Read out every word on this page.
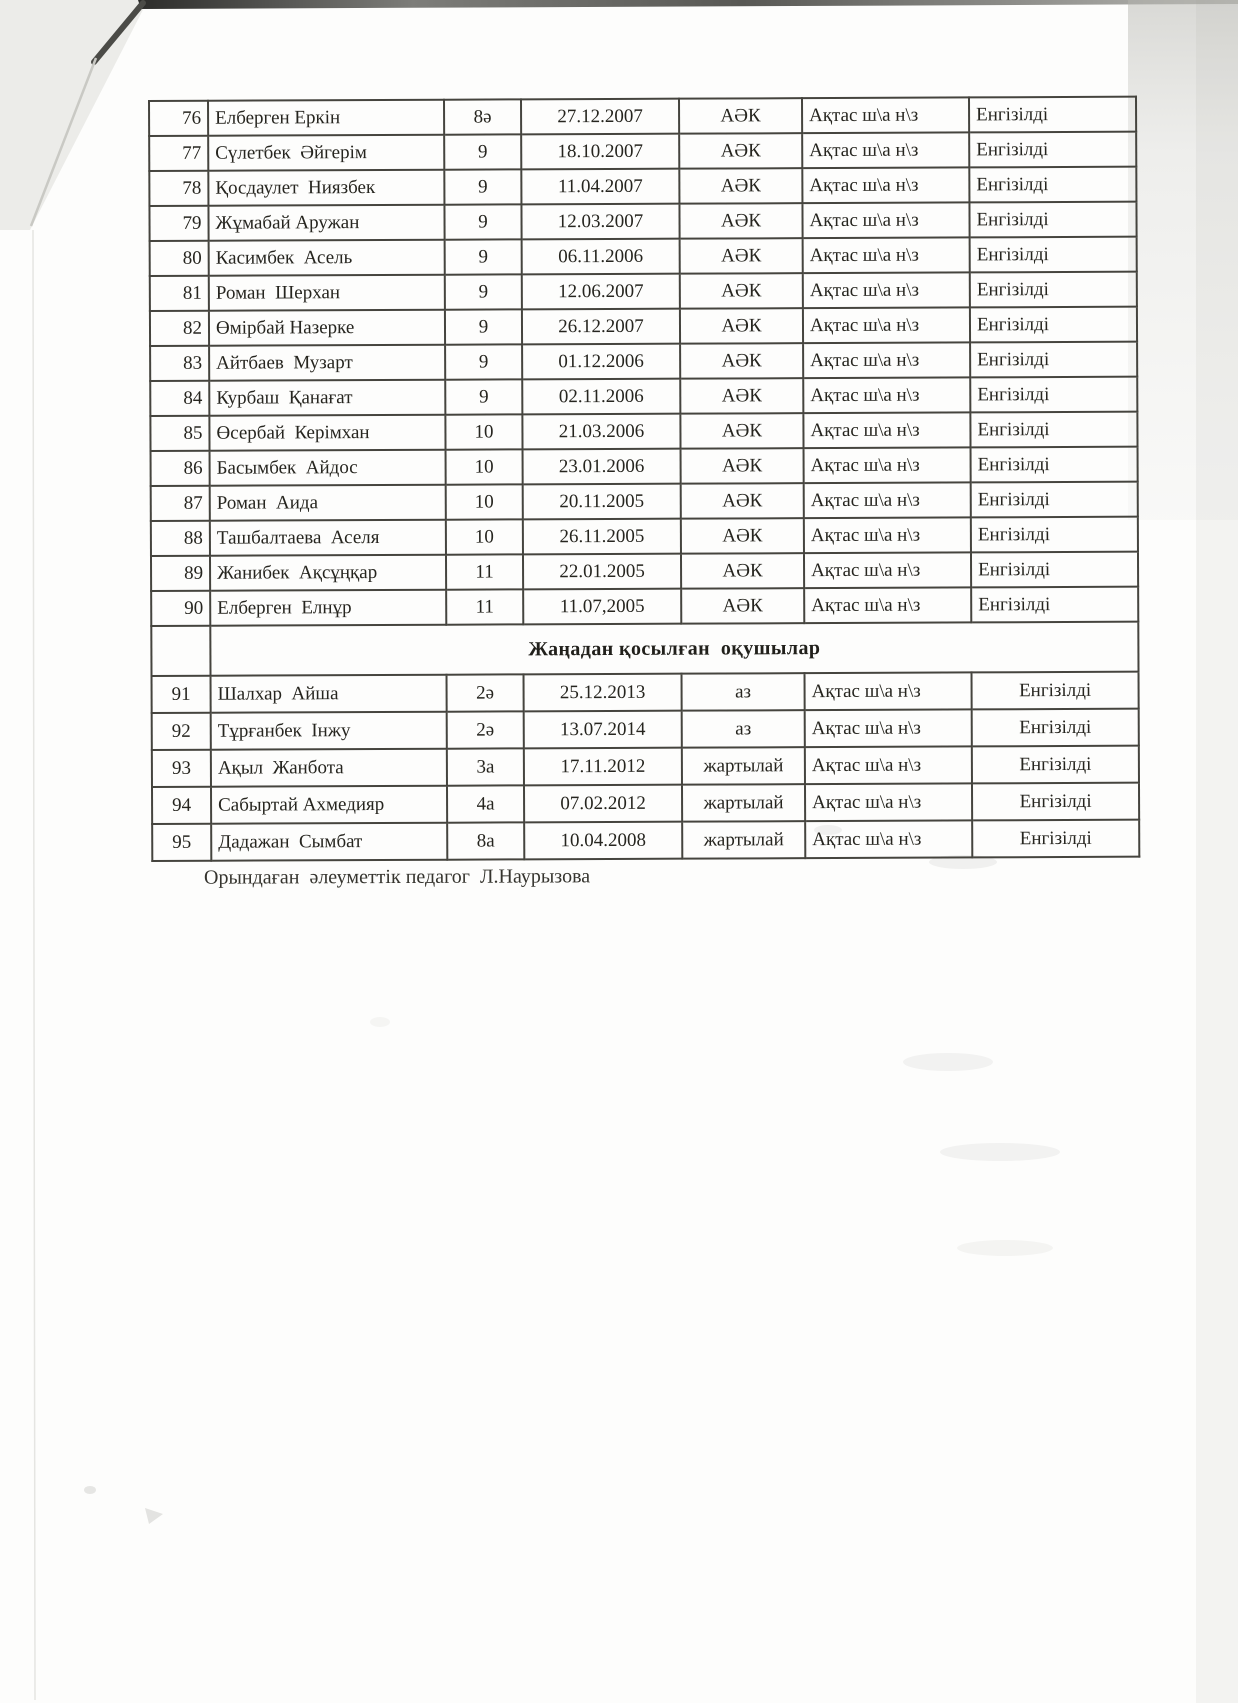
76	Елберген Еркін	8ә	27.12.2007	АӘК	Ақтас ш\а н\з	Енгізілді
77	Сүлетбек  Әйгерім	9	18.10.2007	АӘК	Ақтас ш\а н\з	Енгізілді
78	Қосдаулет  Ниязбек	9	11.04.2007	АӘК	Ақтас ш\а н\з	Енгізілді
79	Жұмабай Аружан	9	12.03.2007	АӘК	Ақтас ш\а н\з	Енгізілді
80	Касимбек  Асель	9	06.11.2006	АӘК	Ақтас ш\а н\з	Енгізілді
81	Роман  Шерхан	9	12.06.2007	АӘК	Ақтас ш\а н\з	Енгізілді
82	Өмірбай Назерке	9	26.12.2007	АӘК	Ақтас ш\а н\з	Енгізілді
83	Айтбаев  Музарт	9	01.12.2006	АӘК	Ақтас ш\а н\з	Енгізілді
84	Курбаш  Қанағат	9	02.11.2006	АӘК	Ақтас ш\а н\з	Енгізілді
85	Өсербай  Керімхан	10	21.03.2006	АӘК	Ақтас ш\а н\з	Енгізілді
86	Басымбек  Айдос	10	23.01.2006	АӘК	Ақтас ш\а н\з	Енгізілді
87	Роман  Аида	10	20.11.2005	АӘК	Ақтас ш\а н\з	Енгізілді
88	Ташбалтаева  Аселя	10	26.11.2005	АӘК	Ақтас ш\а н\з	Енгізілді
89	Жанибек  Ақсұңқар	11	22.01.2005	АӘК	Ақтас ш\а н\з	Енгізілді
90	Елберген  Елнұр	11	11.07,2005	АӘК	Ақтас ш\а н\з	Енгізілді
	Жаңадан қосылған  оқушылар					
91	Шалхар  Айша	2ә	25.12.2013	аз	Ақтас ш\а н\з	Енгізілді
92	Тұрғанбек  Інжу	2ә	13.07.2014	аз	Ақтас ш\а н\з	Енгізілді
93	Ақыл  Жанбота	3а	17.11.2012	жартылай	Ақтас ш\а н\з	Енгізілді
94	Сабыртай Ахмедияр	4а	07.02.2012	жартылай	Ақтас ш\а н\з	Енгізілді
95	Дадажан  Сымбат	8а	10.04.2008	жартылай	Ақтас ш\а н\з	Енгізілді
Орындаған  әлеуметтік педагог  Л.Наурызова
